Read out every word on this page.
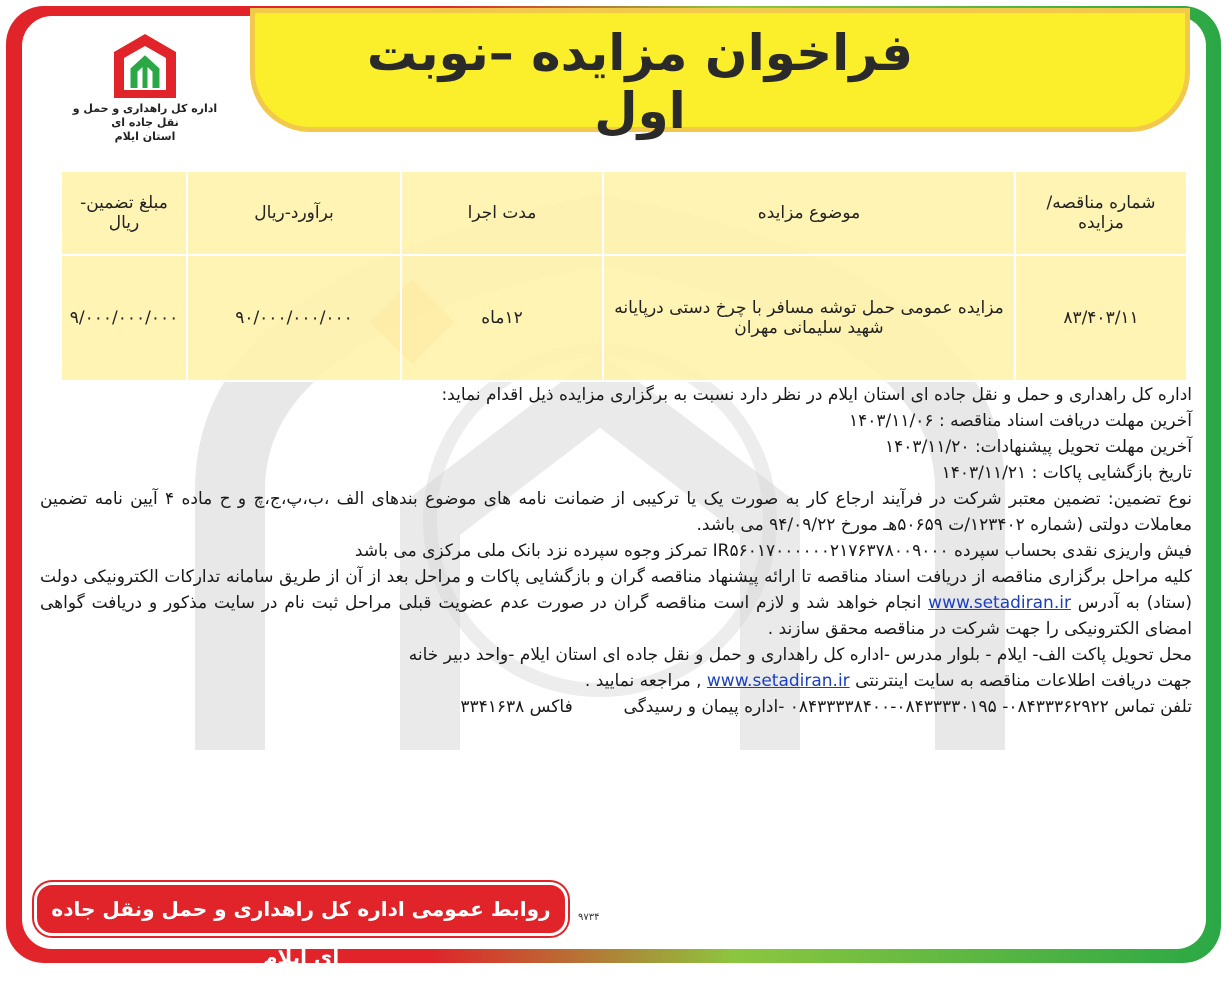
فراخوان مزایده –نوبت اول
اداره کل راهداری و حمل و نقل جاده ای
استان ایلام
شماره مناقصه/ مزایده	موضوع مزایده	مدت اجرا	برآورد-ریال	مبلغ تضمین-ریال
۸۳/۴۰۳/۱۱	مزایده عمومی حمل توشه مسافر با چرخ دستی درپایانه شهید سلیمانی مهران	۱۲ماه	۹۰/۰۰۰/۰۰۰/۰۰۰	۹/۰۰۰/۰۰۰/۰۰۰

اداره کل راهداری و حمل و نقل جاده ای استان ایلام در نظر دارد نسبت به برگزاری مزایده ذیل اقدام نماید:

آخرین مهلت دریافت اسناد مناقصه : ۱۴۰۳/۱۱/۰۶

آخرین مهلت تحویل پیشنهادات: ۱۴۰۳/۱۱/۲۰

تاریخ بازگشایی پاکات : ۱۴۰۳/۱۱/۲۱

نوع تضمین: تضمین معتبر شرکت در فرآیند ارجاع کار به صورت یک یا ترکیبی از ضمانت نامه های موضوع بندهای الف ،ب،پ،ج،چ و ح ماده ۴ آیین نامه تضمین معاملات دولتی (شماره ۱۲۳۴۰۲/ت ۵۰۶۵۹هـ مورخ ۹۴/۰۹/۲۲ می باشد.

فیش واریزی نقدی بحساب سپرده IR۵۶۰۱۷۰۰۰۰۰۰۲۱۷۶۳۷۸۰۰۹۰۰۰ تمرکز وجوه سپرده نزد بانک ملی مرکزی می باشد

کلیه مراحل برگزاری مناقصه از دریافت اسناد مناقصه تا ارائه پیشنهاد مناقصه گران و بازگشایی پاکات و مراحل بعد از آن از طریق سامانه تدارکات الکترونیکی دولت (ستاد) به آدرس www.setadiran.ir انجام خواهد شد و لازم است مناقصه گران در صورت عدم عضویت قبلی مراحل ثبت نام در سایت مذکور و دریافت گواهی امضای الکترونیکی را جهت شرکت در مناقصه محقق سازند .

محل تحویل پاکت الف- ایلام - بلوار مدرس -اداره کل راهداری و حمل و نقل جاده ای استان ایلام -واحد دبیر خانه

جهت دریافت اطلاعات مناقصه به سایت اینترنتی www.setadiran.ir , مراجعه نمایید .

تلفن تماس ۰۸۴۳۳۳۶۲۹۲۲- ۰۸۴۳۳۳۳۰۱۹۵-۰۸۴۳۳۳۳۸۴۰۰ -اداره پیمان و رسیدگی  فاکس ۳۳۴۱۶۳۸

روابط عمومی اداره کل راهداری و حمل ونقل جاده ای ایلام
۹۷۳۴
